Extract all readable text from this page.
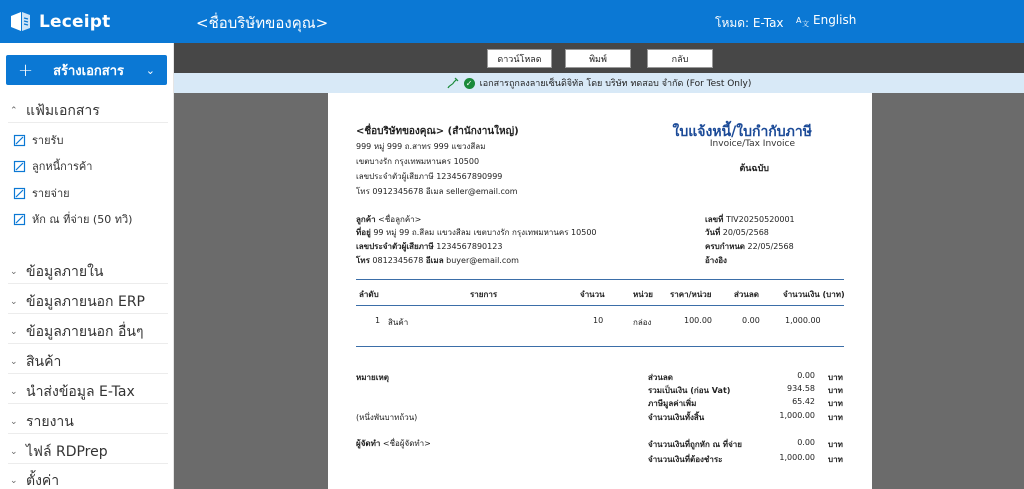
Leceipt	<ชื่อบริษัทของคุณ>	โหมด: E-Tax A 文 English
+ สร้างเอกสาร ⌄
⌃ แฟ้มเอกสาร
รายรับ
ลูกหนี้การค้า
รายจ่าย
หัก ณ ที่จ่าย (50 ทวิ)
⌄ ข้อมูลภายใน
⌄ ข้อมูลภายนอก ERP
⌄ ข้อมูลภายนอก อื่นๆ
⌄ สินค้า
⌄ นำส่งข้อมูล E-Tax
⌄ รายงาน
⌄ ไฟล์ RDPrep
⌄ ตั้งค่า
ดาวน์โหลด	พิมพ์	กลับ
✓ เอกสารถูกลงลายเซ็นดิจิทัล โดย บริษัท ทดสอบ จำกัด (For Test Only)
<ชื่อบริษัทของคุณ> (สำนักงานใหญ่)
999 หมู่ 999 ถ.สาทร 999 แขวงสีลม
เขตบางรัก กรุงเทพมหานคร 10500
เลขประจำตัวผู้เสียภาษี 1234567890999
โทร 0912345678 อีเมล seller@email.com
ใบแจ้งหนี้/ใบกำกับภาษี
Invoice/Tax Invoice
ต้นฉบับ
ลูกค้า <ชื่อลูกค้า>
ที่อยู่ 99 หมู่ 99 ถ.สีลม แขวงสีลม เขตบางรัก กรุงเทพมหานคร 10500
เลขประจำตัวผู้เสียภาษี 1234567890123
โทร 0812345678 อีเมล buyer@email.com
เลขที่ TIV20250520001
วันที่ 20/05/2568
ครบกำหนด 22/05/2568
อ้างอิง
ลำดับ	รายการ	จำนวน	หน่วย ราคา/หน่วย	ส่วนลด	จำนวนเงิน (บาท)
1 สินค้า	10	กล่อง	100.00	0.00	1,000.00
หมายเหตุ
(หนึ่งพันบาทถ้วน)
ผู้จัดทำ <ชื่อผู้จัดทำ>
ส่วนลด	0.00 บาท
รวมเป็นเงิน (ก่อน Vat)	934.58 บาท
ภาษีมูลค่าเพิ่ม	65.42 บาท
จำนวนเงินทั้งสิ้น	1,000.00 บาท
จำนวนเงินที่ถูกหัก ณ ที่จ่าย	0.00 บาท
จำนวนเงินที่ต้องชำระ	1,000.00 บาท
